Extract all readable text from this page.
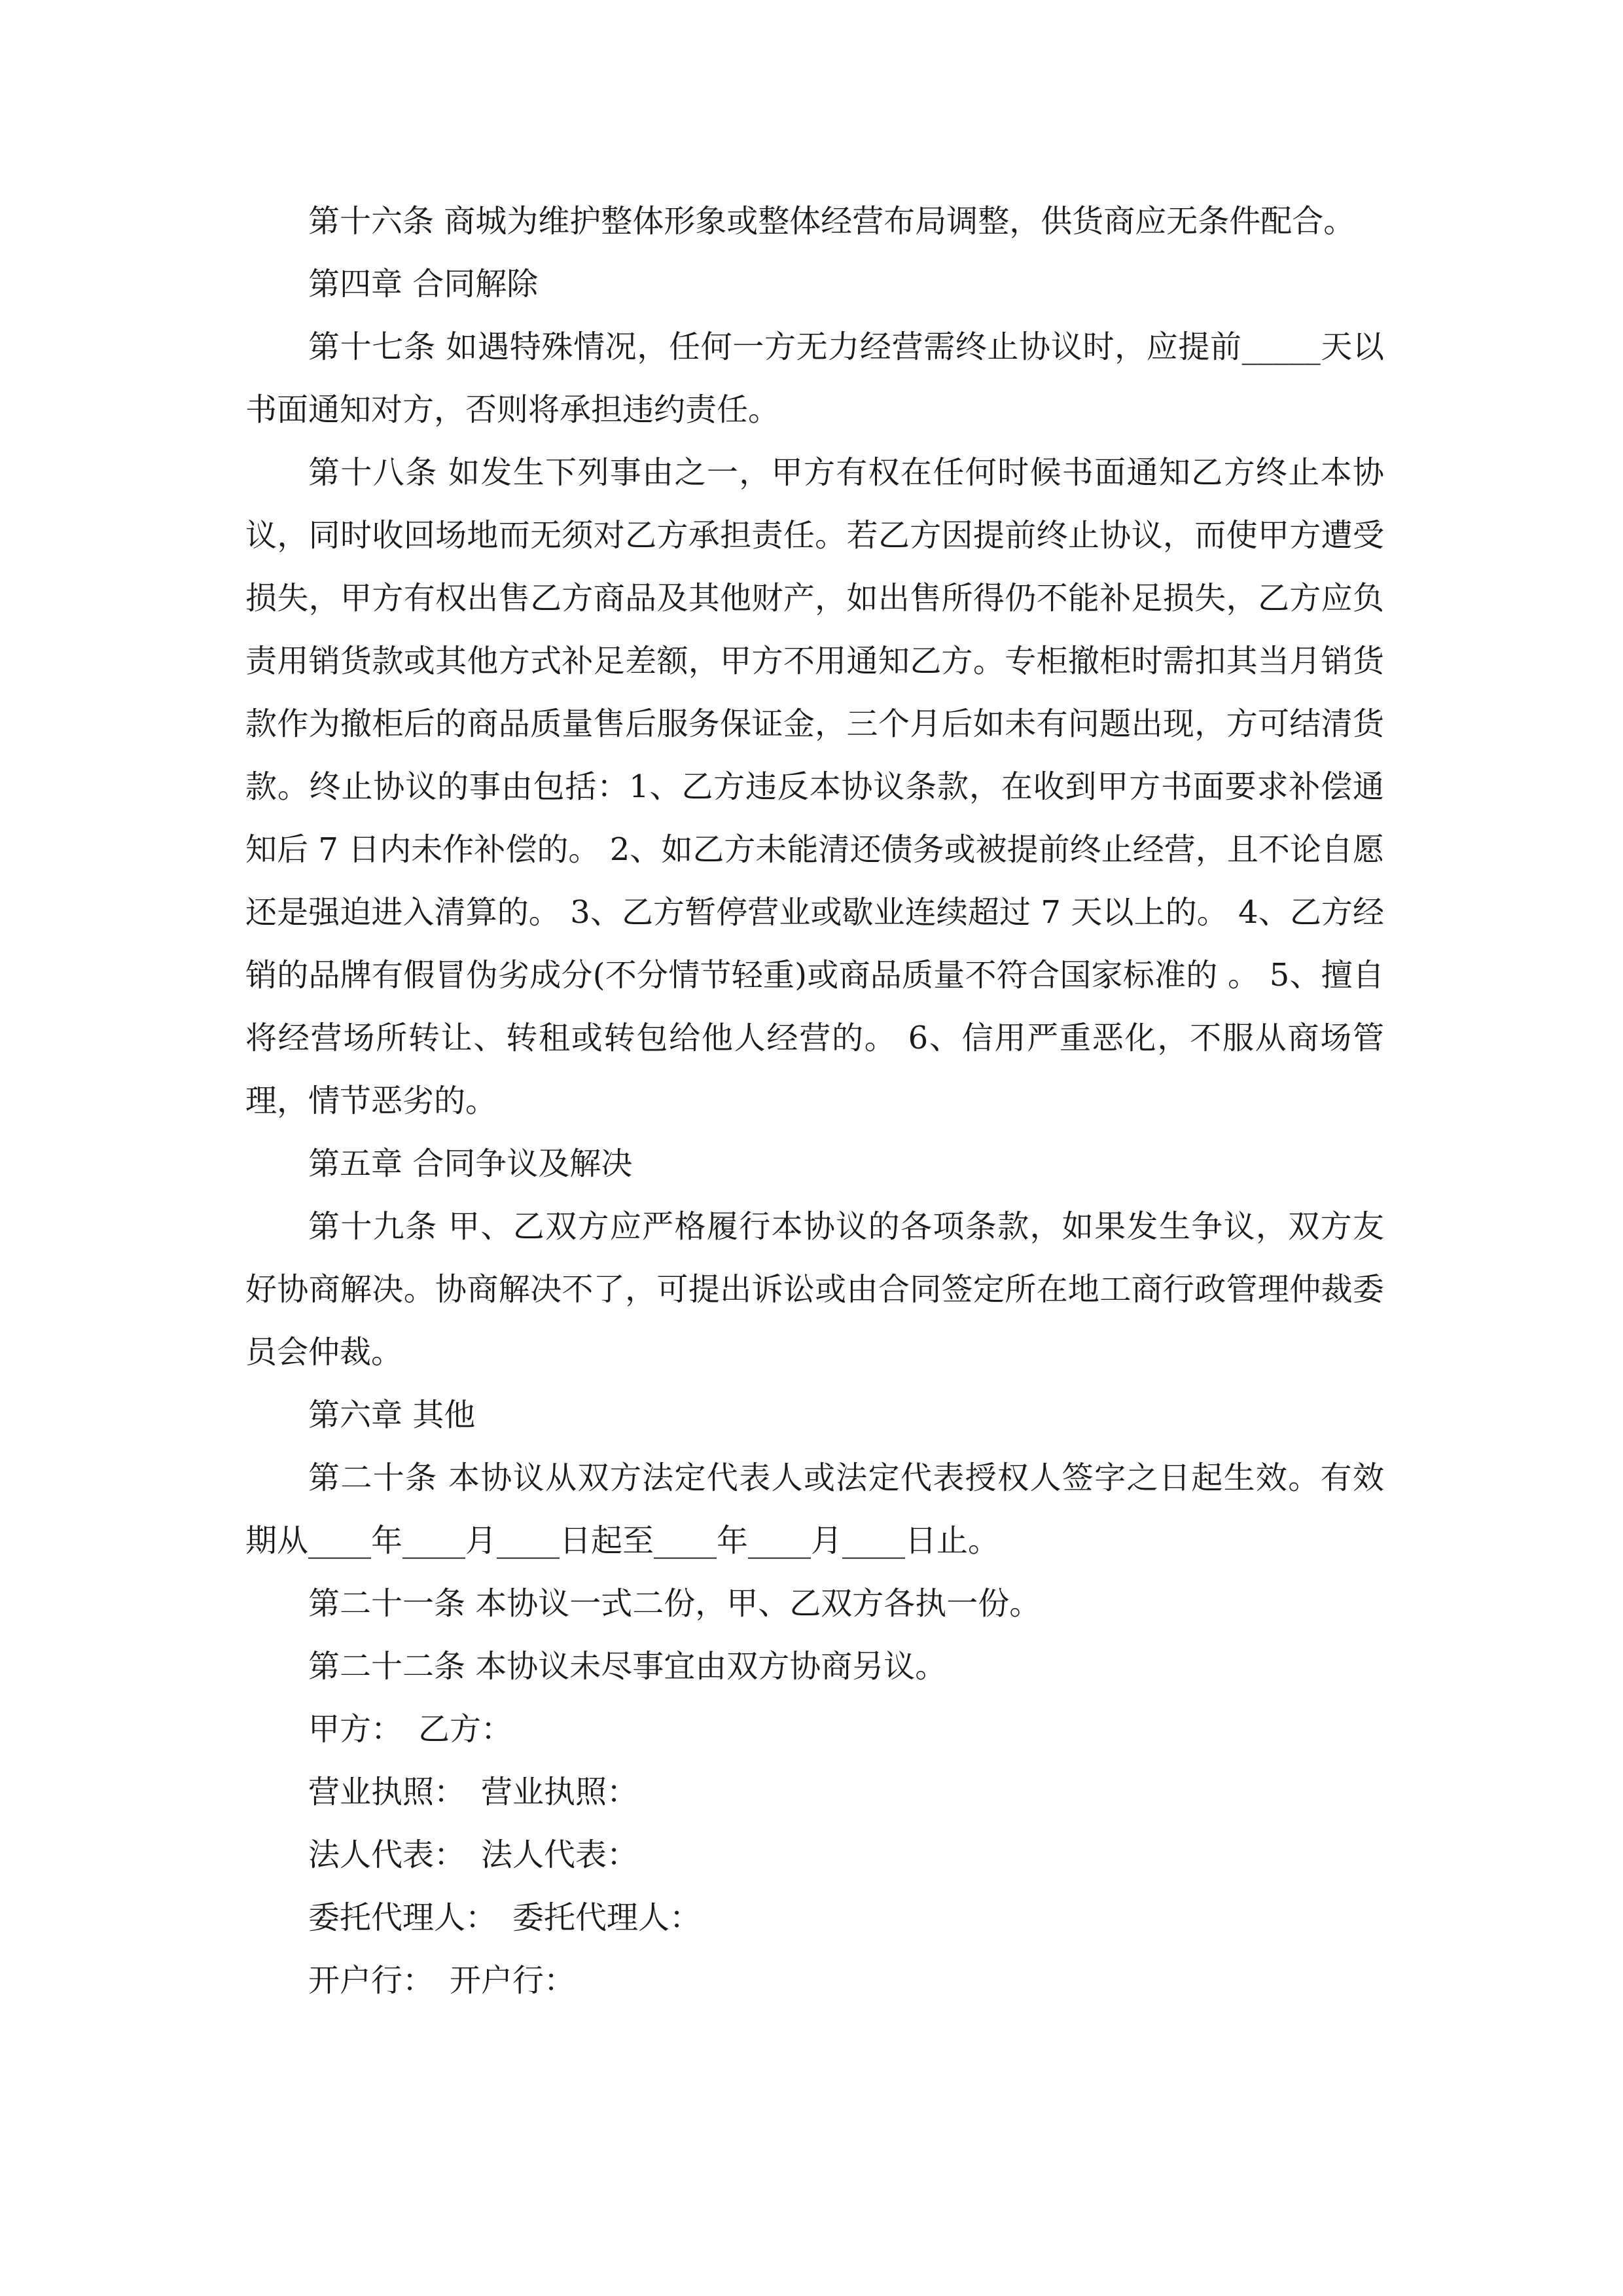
第十六条 商城为维护整体形象或整体经营布局调整，供货商应无条件配合。

第四章 合同解除

第十七条 如遇特殊情况，任何一方无力经营需终止协议时，应提前_____天以书面通知对方，否则将承担违约责任。

第十八条 如发生下列事由之一，甲方有权在任何时候书面通知乙方终止本协议，同时收回场地而无须对乙方承担责任。若乙方因提前终止协议，而使甲方遭受损失，甲方有权出售乙方商品及其他财产，如出售所得仍不能补足损失，乙方应负责用销货款或其他方式补足差额，甲方不用通知乙方。专柜撤柜时需扣其当月销货款作为撤柜后的商品质量售后服务保证金，三个月后如未有问题出现，方可结清货款。终止协议的事由包括：1、乙方违反本协议条款，在收到甲方书面要求补偿通知后 7 日内未作补偿的。 2、如乙方未能清还债务或被提前终止经营，且不论自愿还是强迫进入清算的。 3、乙方暂停营业或歇业连续超过 7 天以上的。 4、乙方经销的品牌有假冒伪劣成分(不分情节轻重)或商品质量不符合国家标准的 。 5、擅自将经营场所转让、转租或转包给他人经营的。 6、信用严重恶化，不服从商场管理，情节恶劣的。

第五章 合同争议及解决

第十九条 甲、乙双方应严格履行本协议的各项条款，如果发生争议，双方友好协商解决。协商解决不了，可提出诉讼或由合同签定所在地工商行政管理仲裁委员会仲裁。

第六章 其他

第二十条 本协议从双方法定代表人或法定代表授权人签字之日起生效。有效期从____年____月____日起至____年____月____日止。

第二十一条 本协议一式二份，甲、乙双方各执一份。

第二十二条 本协议未尽事宜由双方协商另议。

甲方： 乙方：

营业执照： 营业执照：

法人代表： 法人代表：

委托代理人： 委托代理人：

开户行： 开户行：
